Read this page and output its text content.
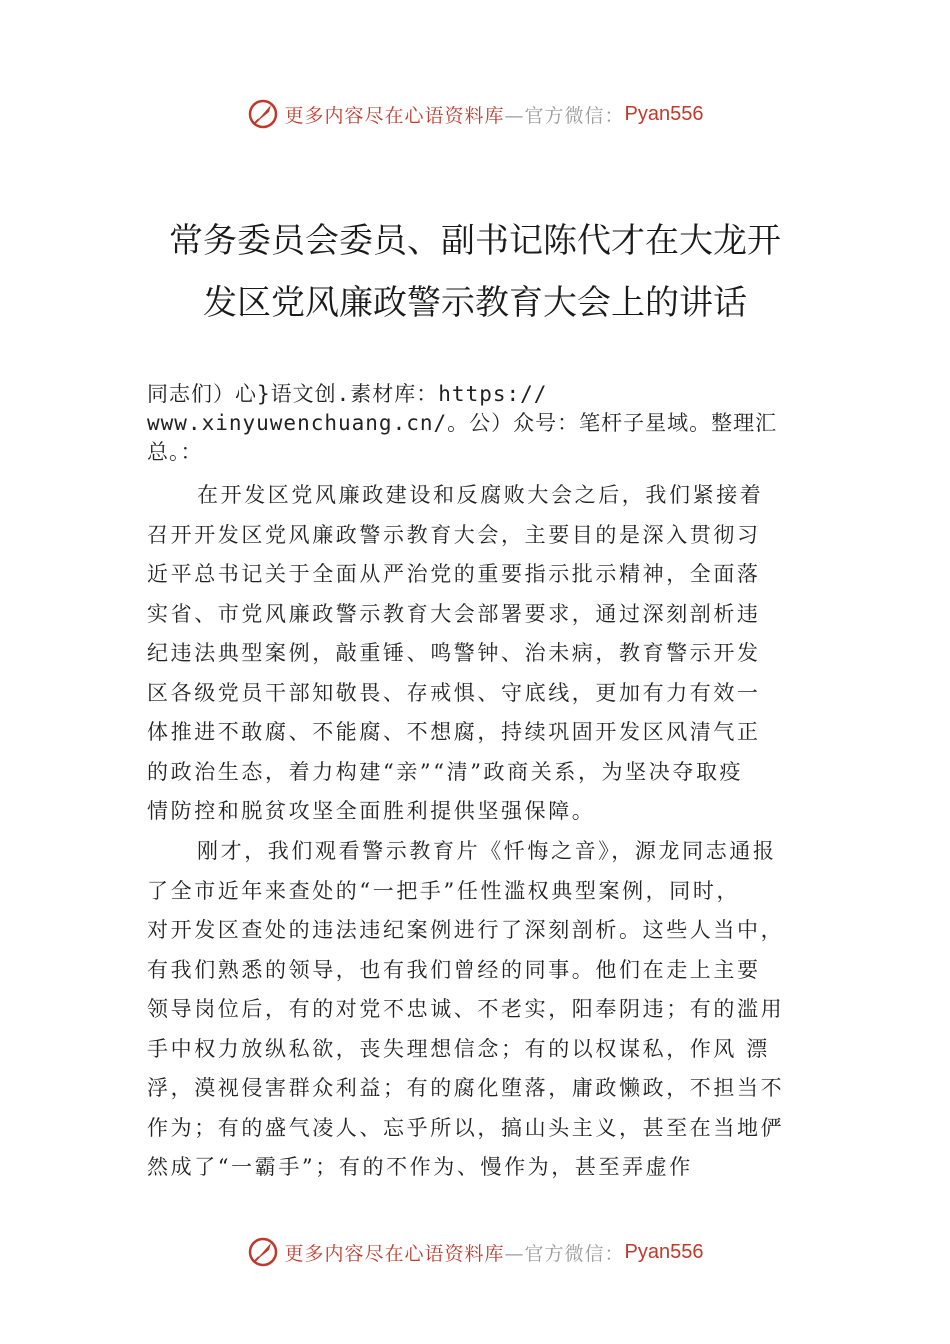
更多内容尽在心语资料库 —官方微信： Pyan556
常务委员会委员、副书记陈代才在大龙开
发区党风廉政警示教育大会上的讲话
同志们）心}语文创.素材库：https://
www.xinyuwenchuang.cn/。公）众号：笔杆子星域。整理汇
总。：
在开发区党风廉政建设和反腐败大会之后，我们紧接着
召开开发区党风廉政警示教育大会，主要目的是深入贯彻习
近平总书记关于全面从严治党的重要指示批示精神，全面落
实省、市党风廉政警示教育大会部署要求，通过深刻剖析违
纪违法典型案例，敲重锤、鸣警钟、治未病，教育警示开发
区各级党员干部知敬畏、存戒惧、守底线，更加有力有效一
体推进不敢腐、不能腐、不想腐，持续巩固开发区风清气正
的政治生态，着力构建“亲”“清”政商关系，为坚决夺取疫
情防控和脱贫攻坚全面胜利提供坚强保障。
刚才，我们观看警示教育片《忏悔之音》，源龙同志通报
了全市近年来查处的“一把手”任性滥权典型案例，同时，
对开发区查处的违法违纪案例进行了深刻剖析。这些人当中，
有我们熟悉的领导，也有我们曾经的同事。他们在走上主要
领导岗位后，有的对党不忠诚、不老实，阳奉阴违；有的滥用
手中权力放纵私欲，丧失理想信念；有的以权谋私，作风 漂
浮，漠视侵害群众利益；有的腐化堕落，庸政懒政，不担当不
作为；有的盛气凌人、忘乎所以，搞山头主义，甚至在当地俨
然成了“一霸手”；有的不作为、慢作为，甚至弄虚作
更多内容尽在心语资料库 —官方微信： Pyan556
